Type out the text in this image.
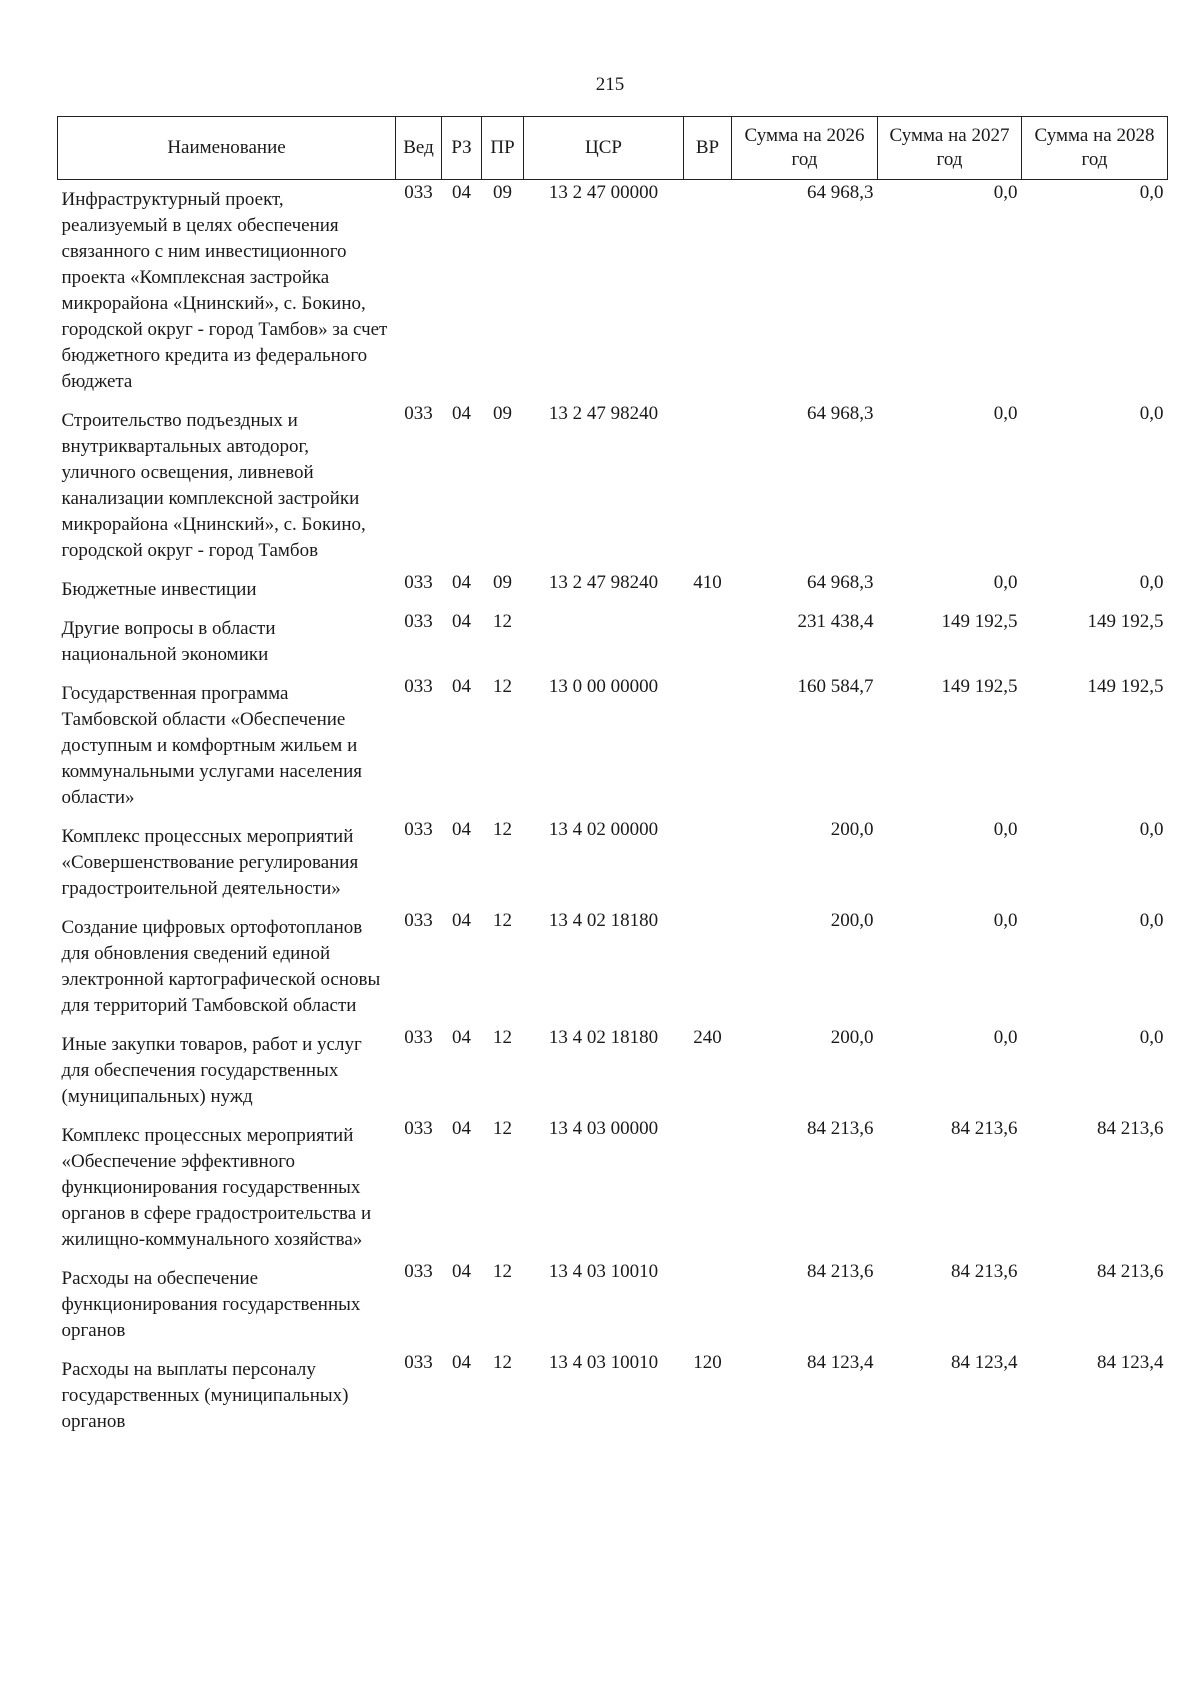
215
Наименование	Вед	РЗ	ПР	ЦСР	ВР	Сумма на 2026 год	Сумма на 2027 год	Сумма на 2028 год
Инфраструктурный проект, реализуемый в целях обеспечения связанного с ним инвестиционного проекта «Комплексная застройка микрорайона «Цнинский», с. Бокино, городской округ - город Тамбов» за счет бюджетного кредита из федерального бюджета	033	04	09	13 2 47 00000		64 968,3	0,0	0,0
Строительство подъездных и внутриквартальных автодорог, уличного освещения, ливневой канализации комплексной застройки микрорайона «Цнинский», с. Бокино, городской округ - город Тамбов	033	04	09	13 2 47 98240		64 968,3	0,0	0,0
Бюджетные инвестиции	033	04	09	13 2 47 98240	410	64 968,3	0,0	0,0
Другие вопросы в области национальной экономики	033	04	12			231 438,4	149 192,5	149 192,5
Государственная программа Тамбовской области «Обеспечение доступным и комфортным жильем и коммунальными услугами населения области»	033	04	12	13 0 00 00000		160 584,7	149 192,5	149 192,5
Комплекс процессных мероприятий «Совершенствование регулирования градостроительной деятельности»	033	04	12	13 4 02 00000		200,0	0,0	0,0
Создание цифровых ортофотопланов для обновления сведений единой электронной картографической основы для территорий Тамбовской области	033	04	12	13 4 02 18180		200,0	0,0	0,0
Иные закупки товаров, работ и услуг для обеспечения государственных (муниципальных) нужд	033	04	12	13 4 02 18180	240	200,0	0,0	0,0
Комплекс процессных мероприятий «Обеспечение эффективного функционирования государственных органов в сфере градостроительства и жилищно-коммунального хозяйства»	033	04	12	13 4 03 00000		84 213,6	84 213,6	84 213,6
Расходы на обеспечение функционирования государственных органов	033	04	12	13 4 03 10010		84 213,6	84 213,6	84 213,6
Расходы на выплаты персоналу государственных (муниципальных) органов	033	04	12	13 4 03 10010	120	84 123,4	84 123,4	84 123,4
